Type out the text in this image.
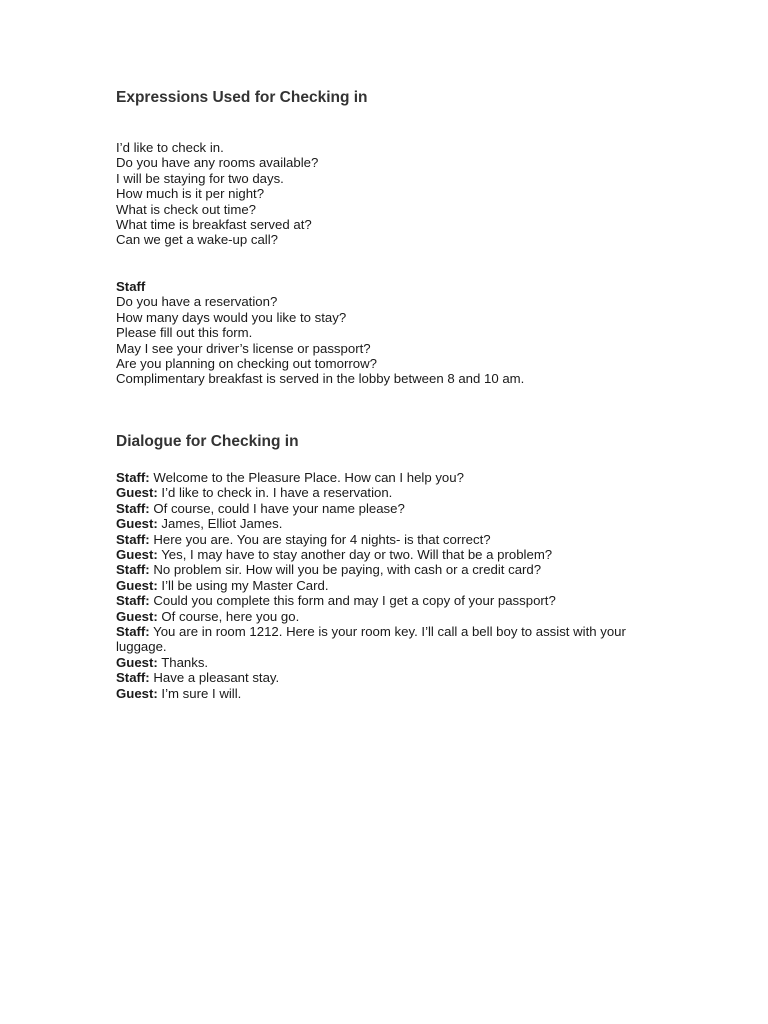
Expressions Used for Checking in
I’d like to check in.
Do you have any rooms available?
I will be staying for two days.
How much is it per night?
What is check out time?
What time is breakfast served at?
Can we get a wake-up call?
Staff
Do you have a reservation?
How many days would you like to stay?
Please fill out this form.
May I see your driver’s license or passport?
Are you planning on checking out tomorrow?
Complimentary breakfast is served in the lobby between 8 and 10 am.
Dialogue for Checking in
Staff: Welcome to the Pleasure Place. How can I help you?
Guest: I’d like to check in. I have a reservation.
Staff: Of course, could I have your name please?
Guest: James, Elliot James.
Staff: Here you are. You are staying for 4 nights- is that correct?
Guest: Yes, I may have to stay another day or two. Will that be a problem?
Staff: No problem sir. How will you be paying, with cash or a credit card?
Guest: I’ll be using my Master Card.
Staff: Could you complete this form and may I get a copy of your passport?
Guest: Of course, here you go.
Staff: You are in room 1212. Here is your room key. I’ll call a bell boy to assist with your luggage.
Guest: Thanks.
Staff: Have a pleasant stay.
Guest: I’m sure I will.
